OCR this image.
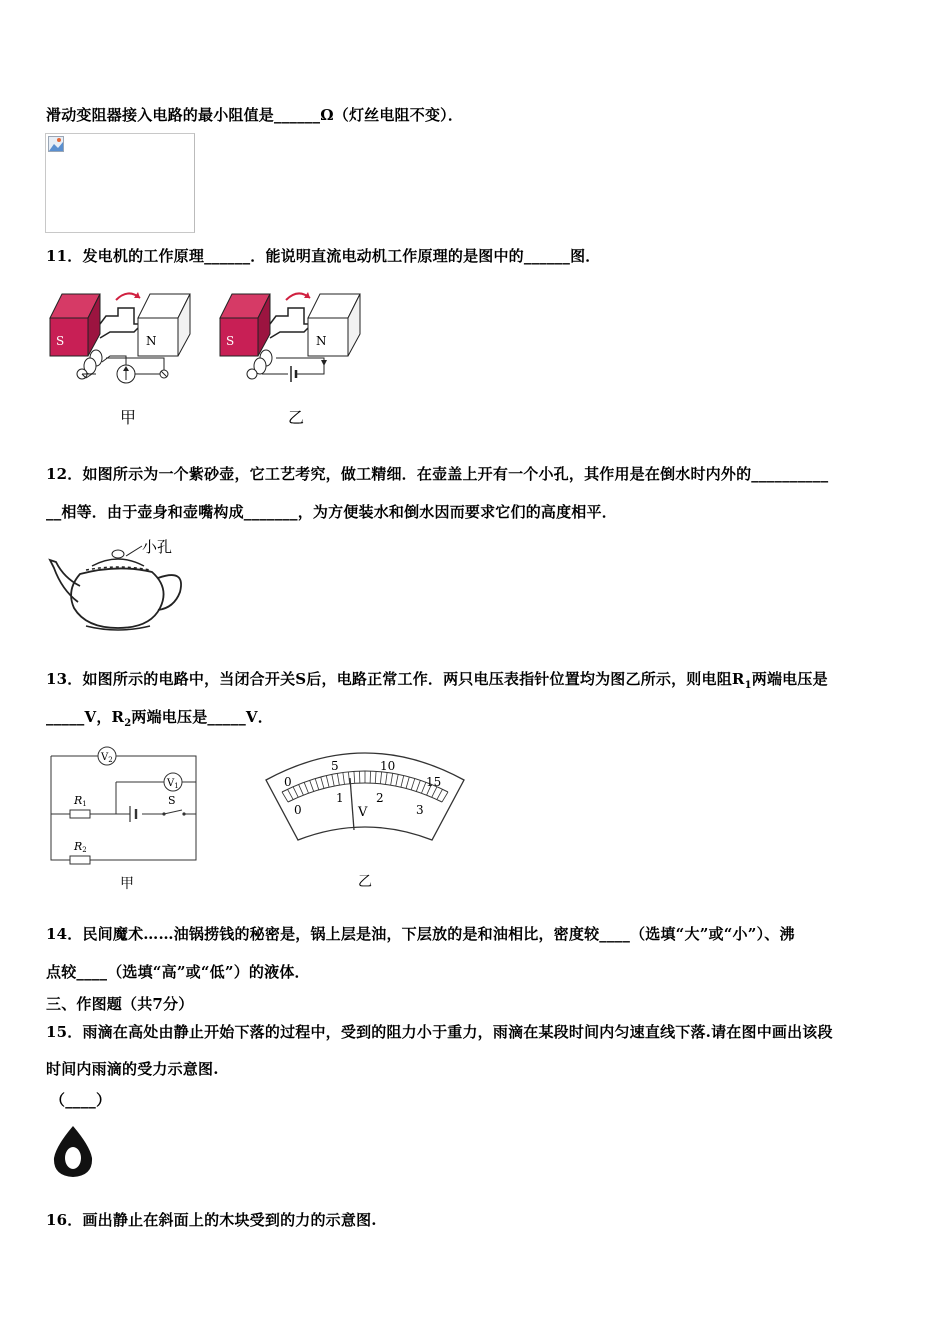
滑动变阻器接入电路的最小阻值是______Ω（灯丝电阻不变）．
11．发电机的工作原理______．能说明直流电动机工作原理的是图中的______图．
S	N
甲
S	N
乙
12．如图所示为一个紫砂壶，它工艺考究，做工精细．在壶盖上开有一个小孔，其作用是在倒水时内外的__________
__相等．由于壶身和壶嘴构成_______，为方便装水和倒水因而要求它们的高度相平．
小孔
13．如图所示的电路中，当闭合开关S后，电路正常工作．两只电压表指针位置均为图乙所示，则电阻$R_1$两端电压是
_____V，$R_2$两端电压是_____V．
$V_2$
$V_1$
R1	S
R2
甲
0
5	10
15
0
1	2
3
V
乙
14．民间魔术……油锅捞钱的秘密是，锅上层是油，下层放的是和油相比，密度较____（选填“大”或“小”）、沸
点较____（选填“高”或“低”）的液体．
三、作图题（共7分）
15．雨滴在高处由静止开始下落的过程中，受到的阻力小于重力，雨滴在某段时间内匀速直线下落.请在图中画出该段
时间内雨滴的受力示意图.
（____）
16．画出静止在斜面上的木块受到的力的示意图.
